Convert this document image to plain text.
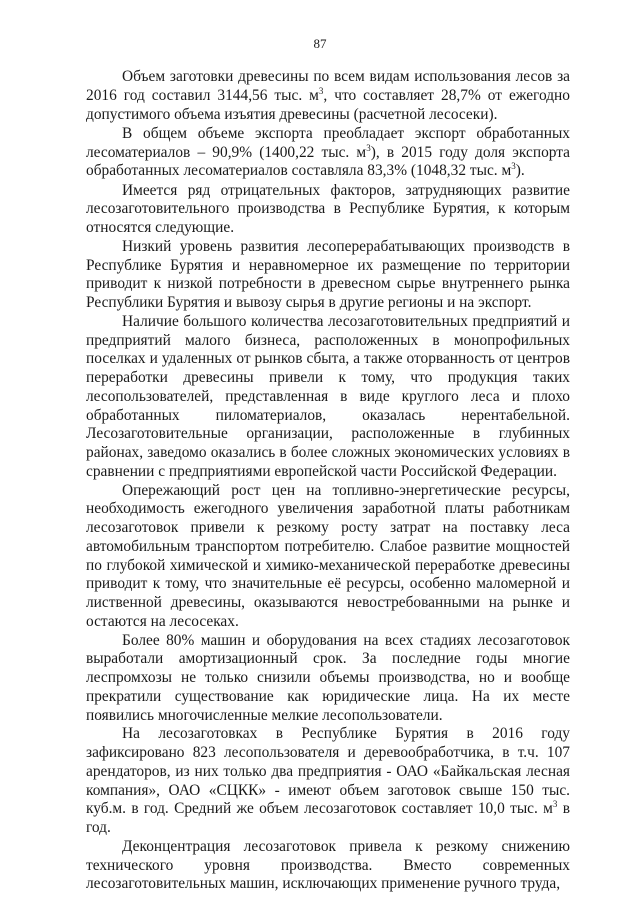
87

Объем заготовки древесины по всем видам использования лесов за 2016 год составил 3144,56 тыс. $м^3$, что составляет 28,7% от ежегодно допустимого объема изъятия древесины (расчетной лесосеки).

В общем объеме экспорта преобладает экспорт обработанных лесоматериалов – 90,9% (1400,22 тыс. $м^3$), в 2015 году доля экспорта обработанных лесоматериалов составляла 83,3% (1048,32 тыс. $м^3$).

Имеется ряд отрицательных факторов, затрудняющих развитие лесозаготовительного производства в Республике Бурятия, к которым относятся следующие.

Низкий уровень развития лесоперерабатывающих производств в Республике Бурятия и неравномерное их размещение по территории приводит к низкой потребности в древесном сырье внутреннего рынка Республики Бурятия и вывозу сырья в другие регионы и на экспорт.

Наличие большого количества лесозаготовительных предприятий и предприятий малого бизнеса, расположенных в монопрофильных поселках и удаленных от рынков сбыта, а также оторванность от центров переработки древесины привели к тому, что продукция таких лесопользователей, представленная в виде круглого леса и плохо обработанных пиломатериалов, оказалась нерентабельной. Лесозаготовительные организации, расположенные в глубинных районах, заведомо оказались в более сложных экономических условиях в сравнении с предприятиями европейской части Российской Федерации.

Опережающий рост цен на топливно-энергетические ресурсы, необходимость ежегодного увеличения заработной платы работникам лесозаготовок привели к резкому росту затрат на поставку леса автомобильным транспортом потребителю. Слабое развитие мощностей по глубокой химической и химико-механической переработке древесины приводит к тому, что значительные её ресурсы, особенно маломерной и лиственной древесины, оказываются невостребованными на рынке и остаются на лесосеках.

Более 80% машин и оборудования на всех стадиях лесозаготовок выработали амортизационный срок. За последние годы многие леспромхозы не только снизили объемы производства, но и вообще прекратили существование как юридические лица. На их месте появились многочисленные мелкие лесопользователи.

На лесозаготовках в Республике Бурятия в 2016 году зафиксировано 823 лесопользователя и деревообработчика, в т.ч. 107 арендаторов, из них только два предприятия - ОАО «Байкальская лесная компания», ОАО «СЦКК» - имеют объем заготовок свыше 150 тыс. куб.м. в год. Средний же объем лесозаготовок составляет 10,0 тыс. $м^3$ в год.

Деконцентрация лесозаготовок привела к резкому снижению технического уровня производства. Вместо современных лесозаготовительных машин, исключающих применение ручного труда,
